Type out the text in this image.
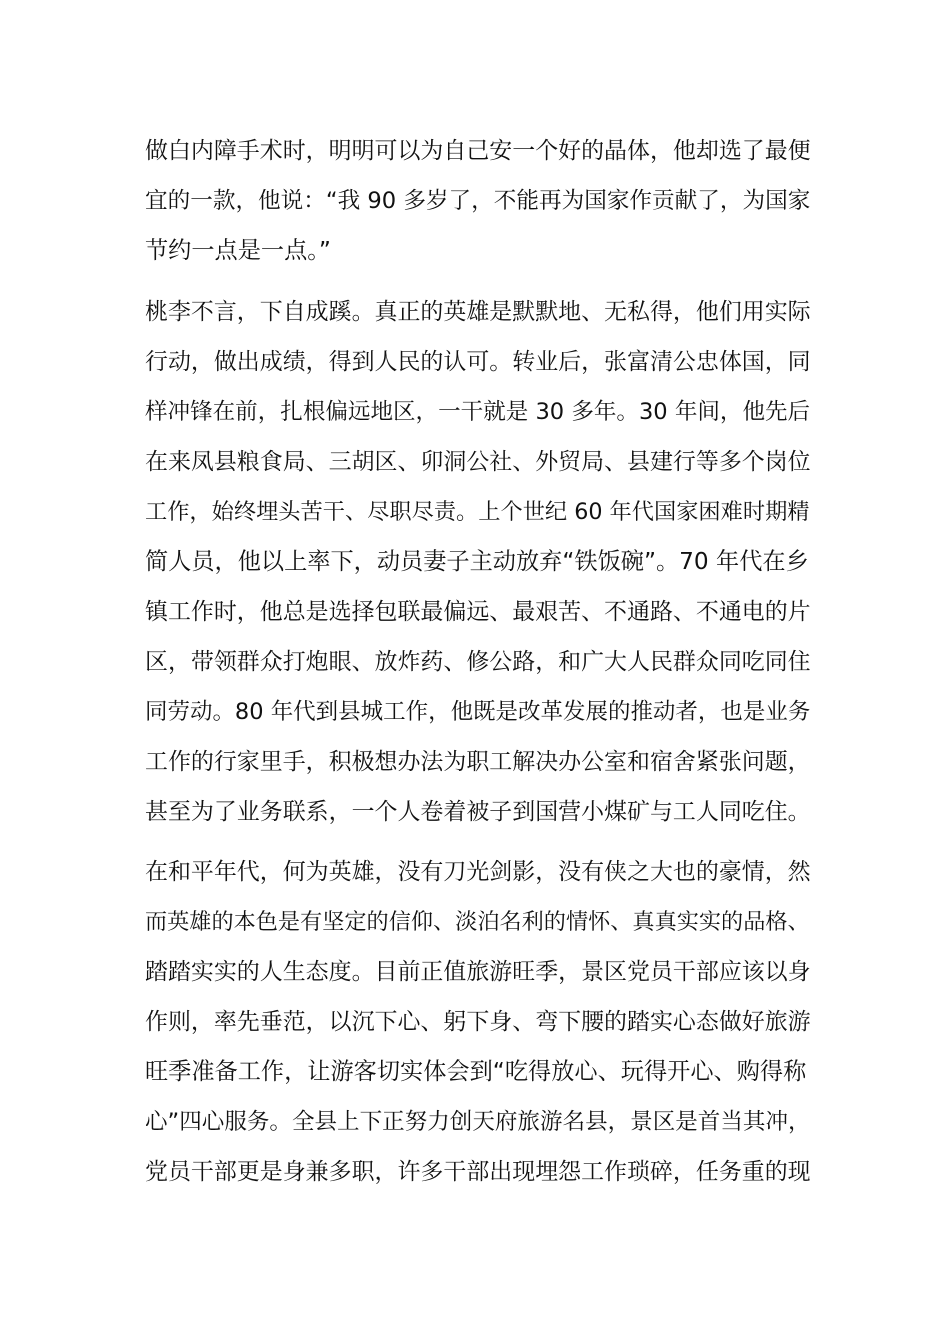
做白内障手术时，明明可以为自己安一个好的晶体，他却选了最便
宜的一款，他说：“我 90 多岁了，不能再为国家作贡献了，为国家
节约一点是一点。”

桃李不言，下自成蹊。真正的英雄是默默地、无私得，他们用实际
行动，做出成绩，得到人民的认可。转业后，张富清公忠体国，同
样冲锋在前，扎根偏远地区，一干就是 30 多年。30 年间，他先后
在来凤县粮食局、三胡区、卯洞公社、外贸局、县建行等多个岗位
工作，始终埋头苦干、尽职尽责。上个世纪 60 年代国家困难时期精
简人员，他以上率下，动员妻子主动放弃“铁饭碗”。70 年代在乡
镇工作时，他总是选择包联最偏远、最艰苦、不通路、不通电的片
区，带领群众打炮眼、放炸药、修公路，和广大人民群众同吃同住
同劳动。80 年代到县城工作，他既是改革发展的推动者，也是业务
工作的行家里手，积极想办法为职工解决办公室和宿舍紧张问题，
甚至为了业务联系，一个人卷着被子到国营小煤矿与工人同吃住。

在和平年代，何为英雄，没有刀光剑影，没有侠之大也的豪情，然
而英雄的本色是有坚定的信仰、淡泊名利的情怀、真真实实的品格、
踏踏实实的人生态度。目前正值旅游旺季，景区党员干部应该以身
作则，率先垂范，以沉下心、躬下身、弯下腰的踏实心态做好旅游
旺季准备工作，让游客切实体会到“吃得放心、玩得开心、购得称
心”四心服务。全县上下正努力创天府旅游名县，景区是首当其冲，
党员干部更是身兼多职，许多干部出现埋怨工作琐碎，任务重的现
